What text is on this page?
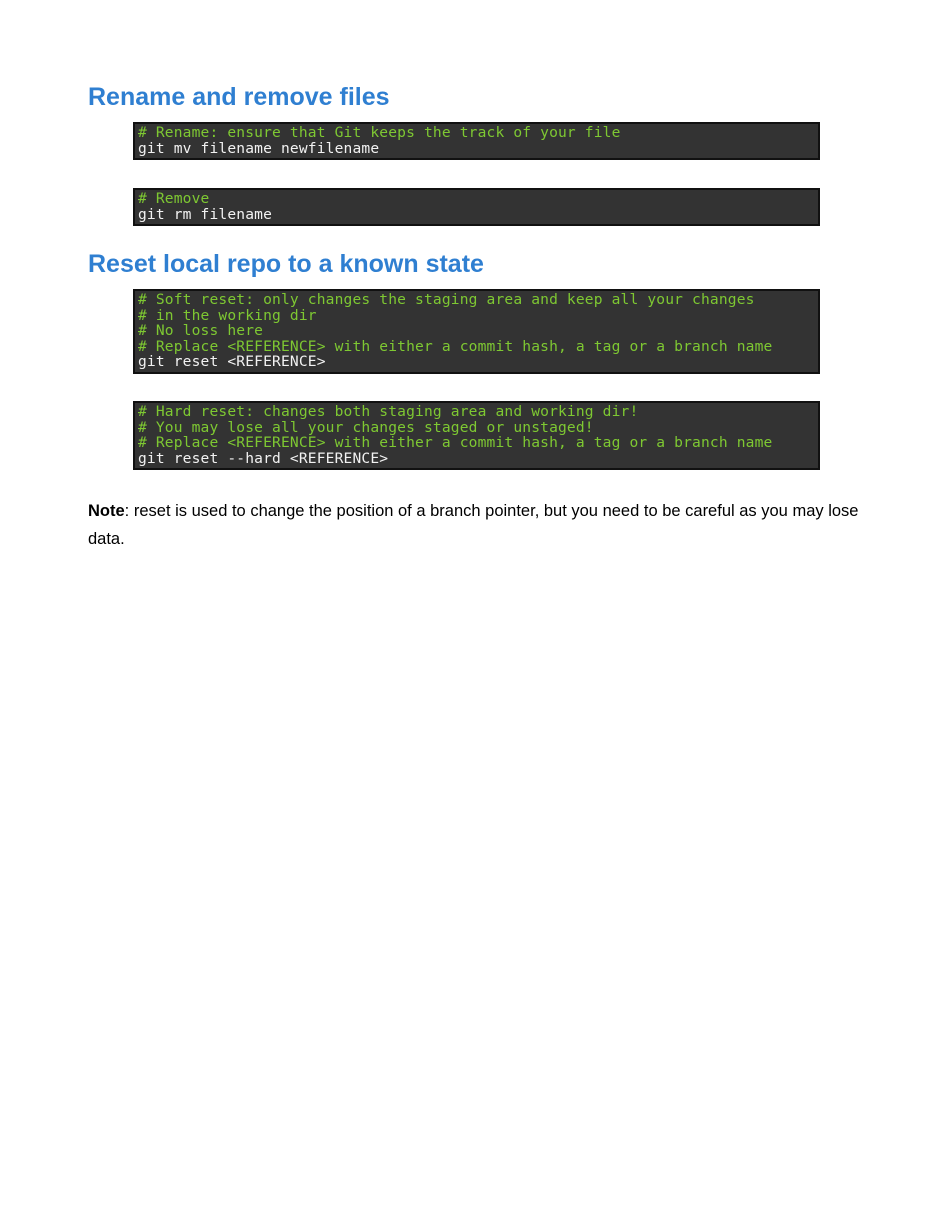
Rename and remove files
# Rename: ensure that Git keeps the track of your file
git mv filename newfilename
# Remove
git rm filename
Reset local repo to a known state
# Soft reset: only changes the staging area and keep all your changes
# in the working dir
# No loss here
# Replace <REFERENCE> with either a commit hash, a tag or a branch name
git reset <REFERENCE>
# Hard reset: changes both staging area and working dir!
# You may lose all your changes staged or unstaged!
# Replace <REFERENCE> with either a commit hash, a tag or a branch name
git reset --hard <REFERENCE>

Note: reset is used to change the position of a branch pointer, but you need to be careful as you may lose data.
